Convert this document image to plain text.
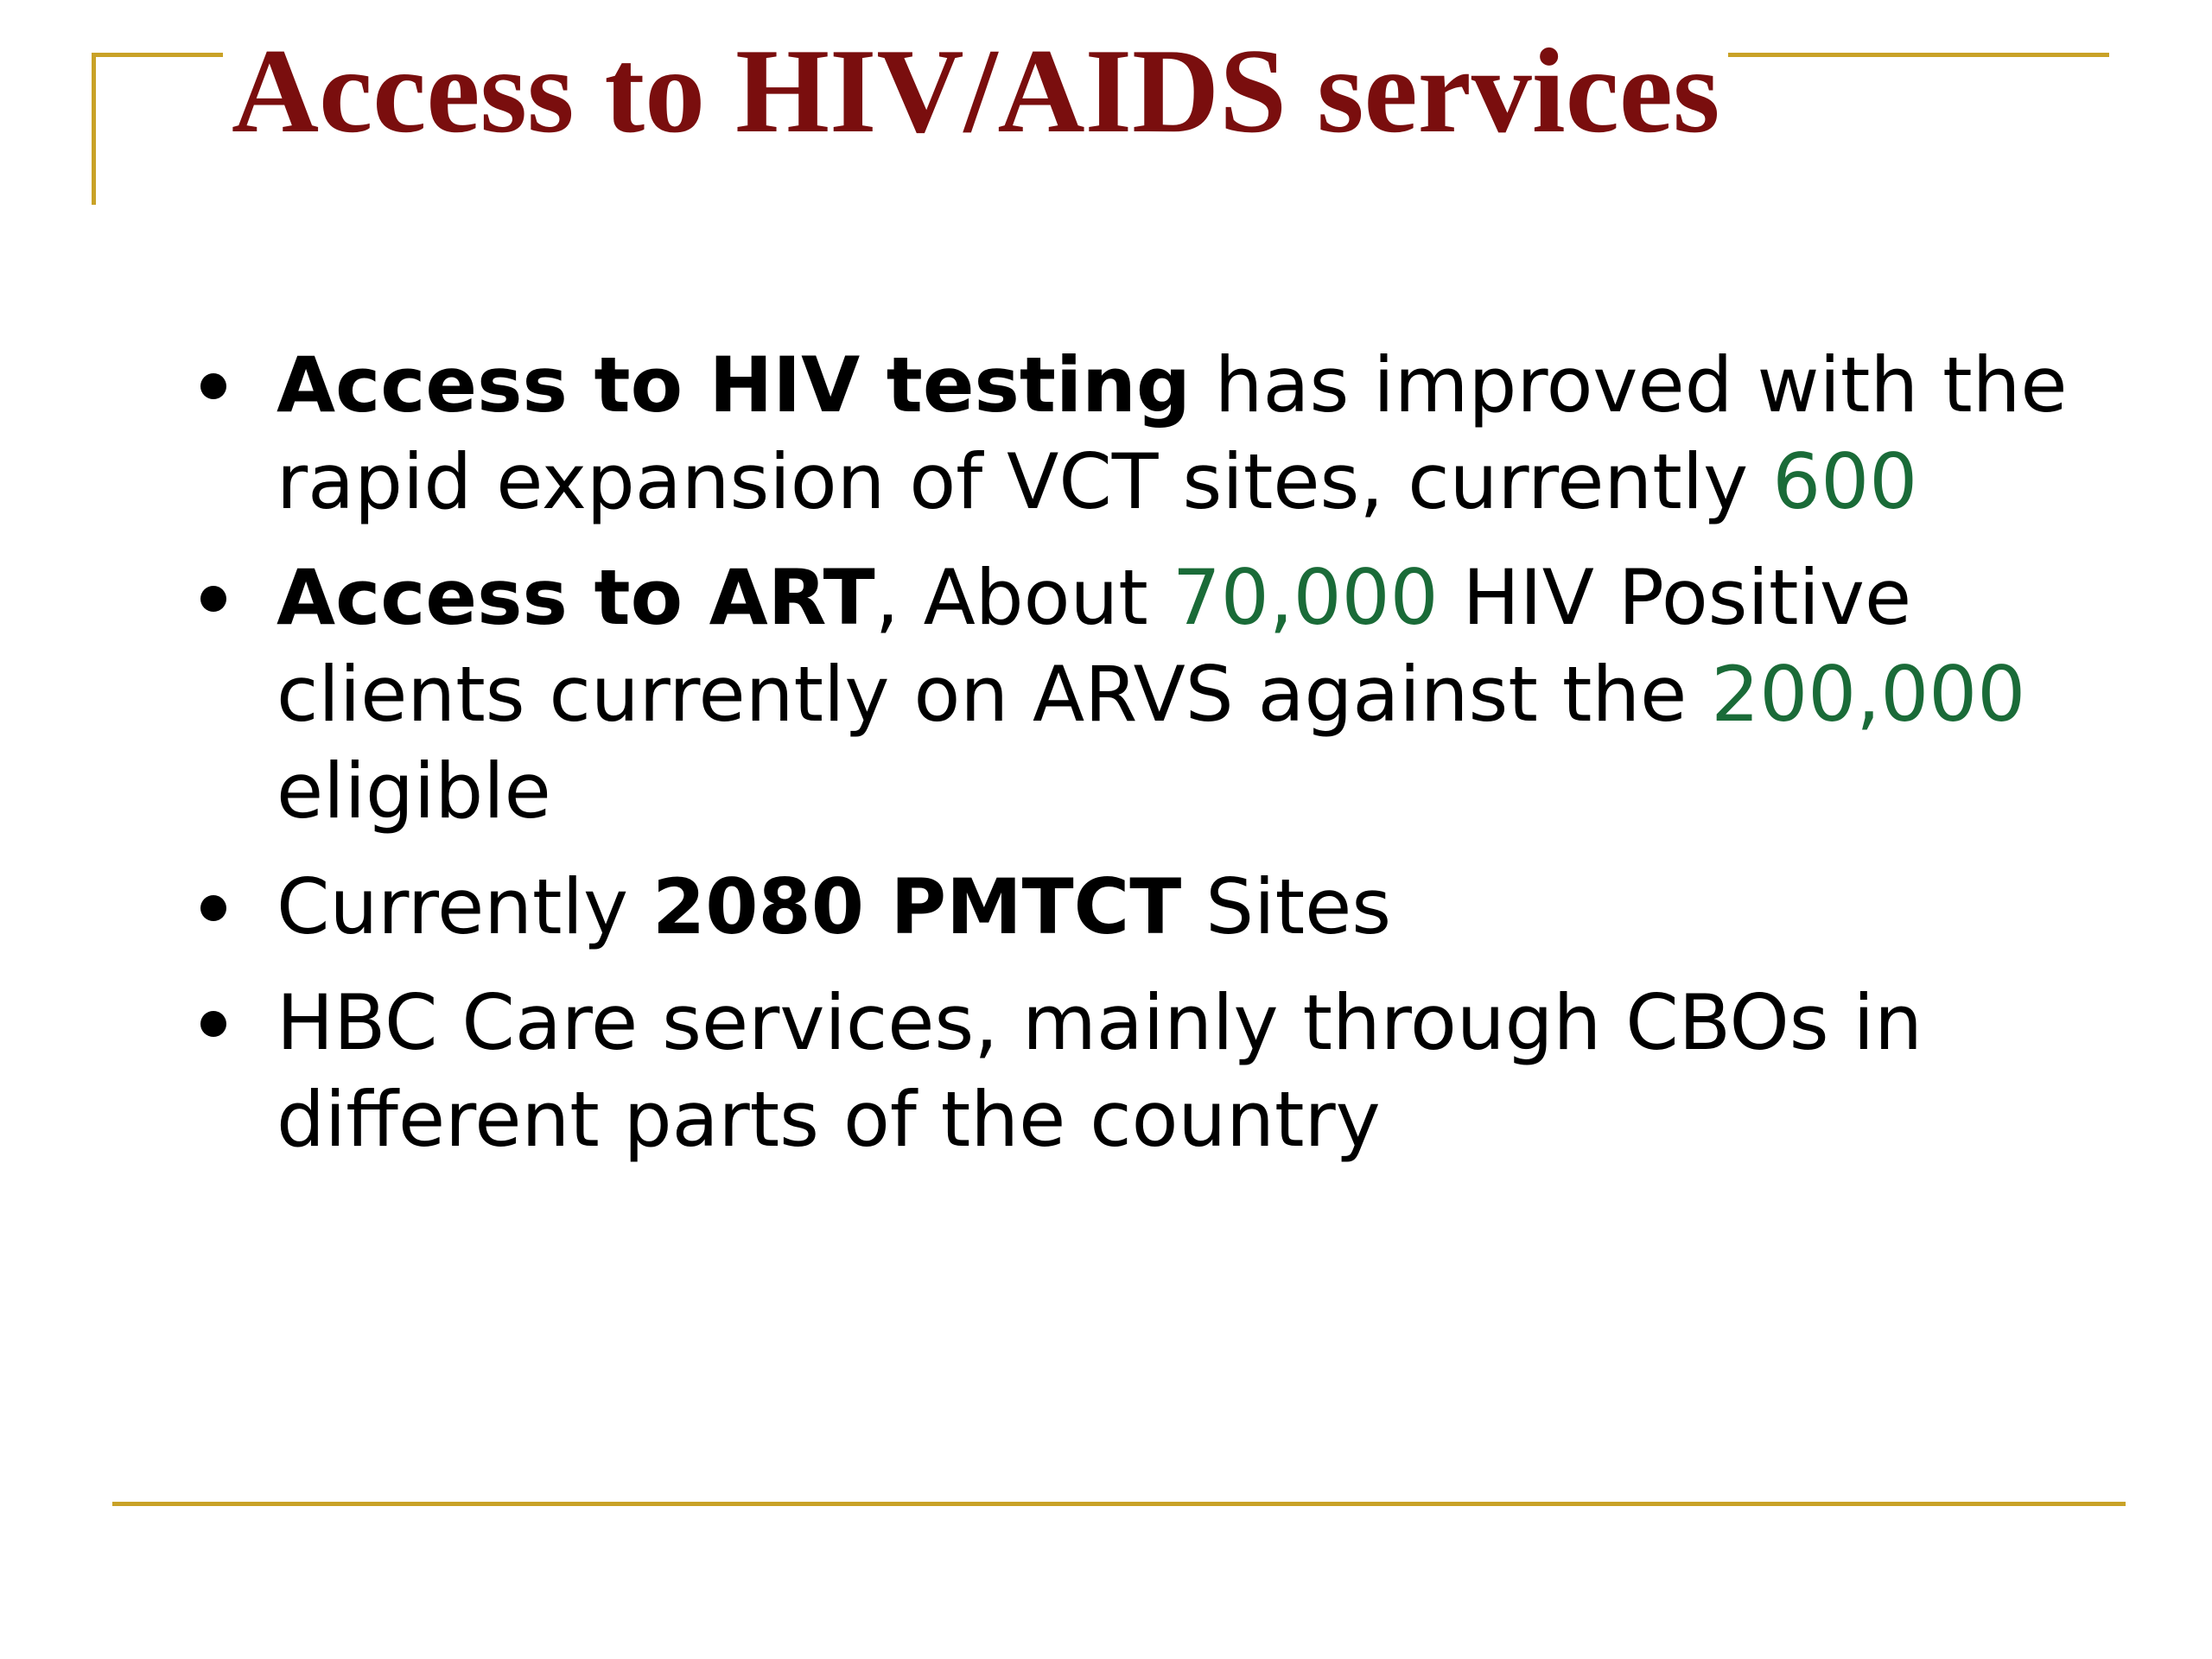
Access to HIV/AIDS services
Access to HIV testing has improved with the rapid expansion of VCT sites, currently 600
Access to ART, About 70,000 HIV Positive clients currently on ARVS against the 200,000 eligible
Currently 2080 PMTCT Sites
HBC Care services, mainly through CBOs in different parts of the country
